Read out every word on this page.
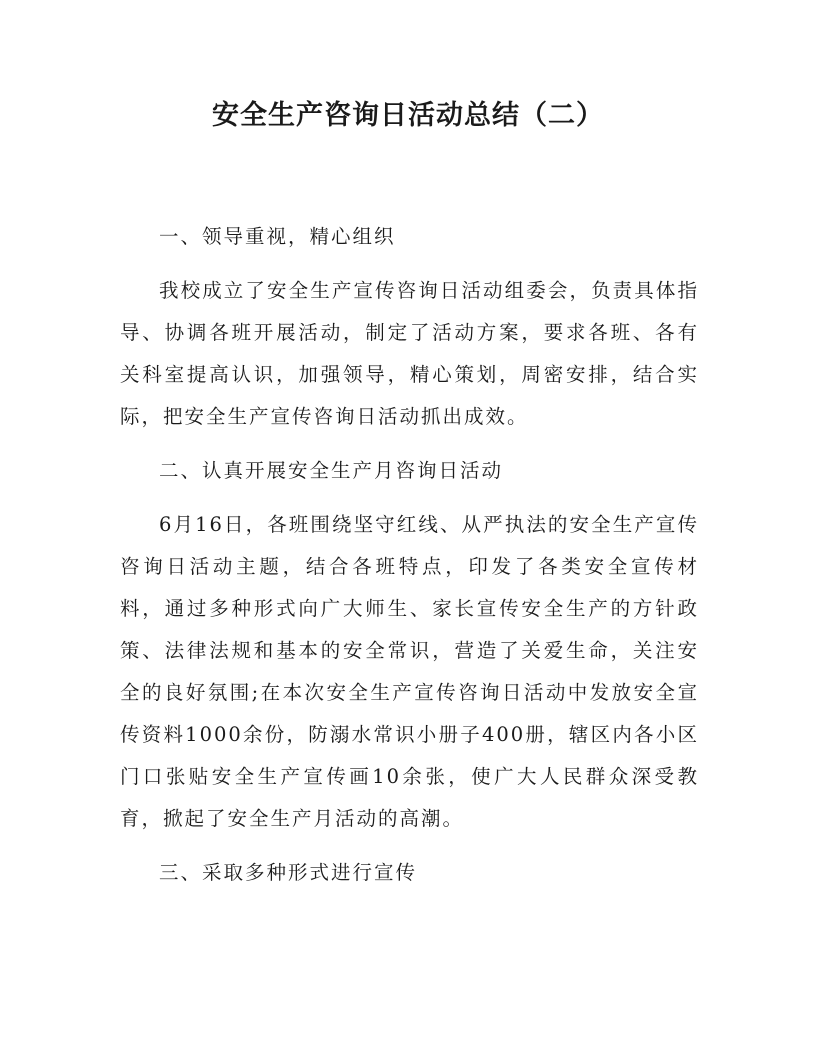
安全生产咨询日活动总结（二）

一、领导重视，精心组织

我校成立了安全生产宣传咨询日活动组委会，负责具体指导、协调各班开展活动，制定了活动方案，要求各班、各有关科室提高认识，加强领导，精心策划，周密安排，结合实际，把安全生产宣传咨询日活动抓出成效。

二、认真开展安全生产月咨询日活动

6月16日，各班围绕坚守红线、从严执法的安全生产宣传咨询日活动主题，结合各班特点，印发了各类安全宣传材料，通过多种形式向广大师生、家长宣传安全生产的方针政策、法律法规和基本的安全常识，营造了关爱生命，关注安全的良好氛围;在本次安全生产宣传咨询日活动中发放安全宣传资料1000余份，防溺水常识小册子400册，辖区内各小区门口张贴安全生产宣传画10余张，使广大人民群众深受教育，掀起了安全生产月活动的高潮。

三、采取多种形式进行宣传
